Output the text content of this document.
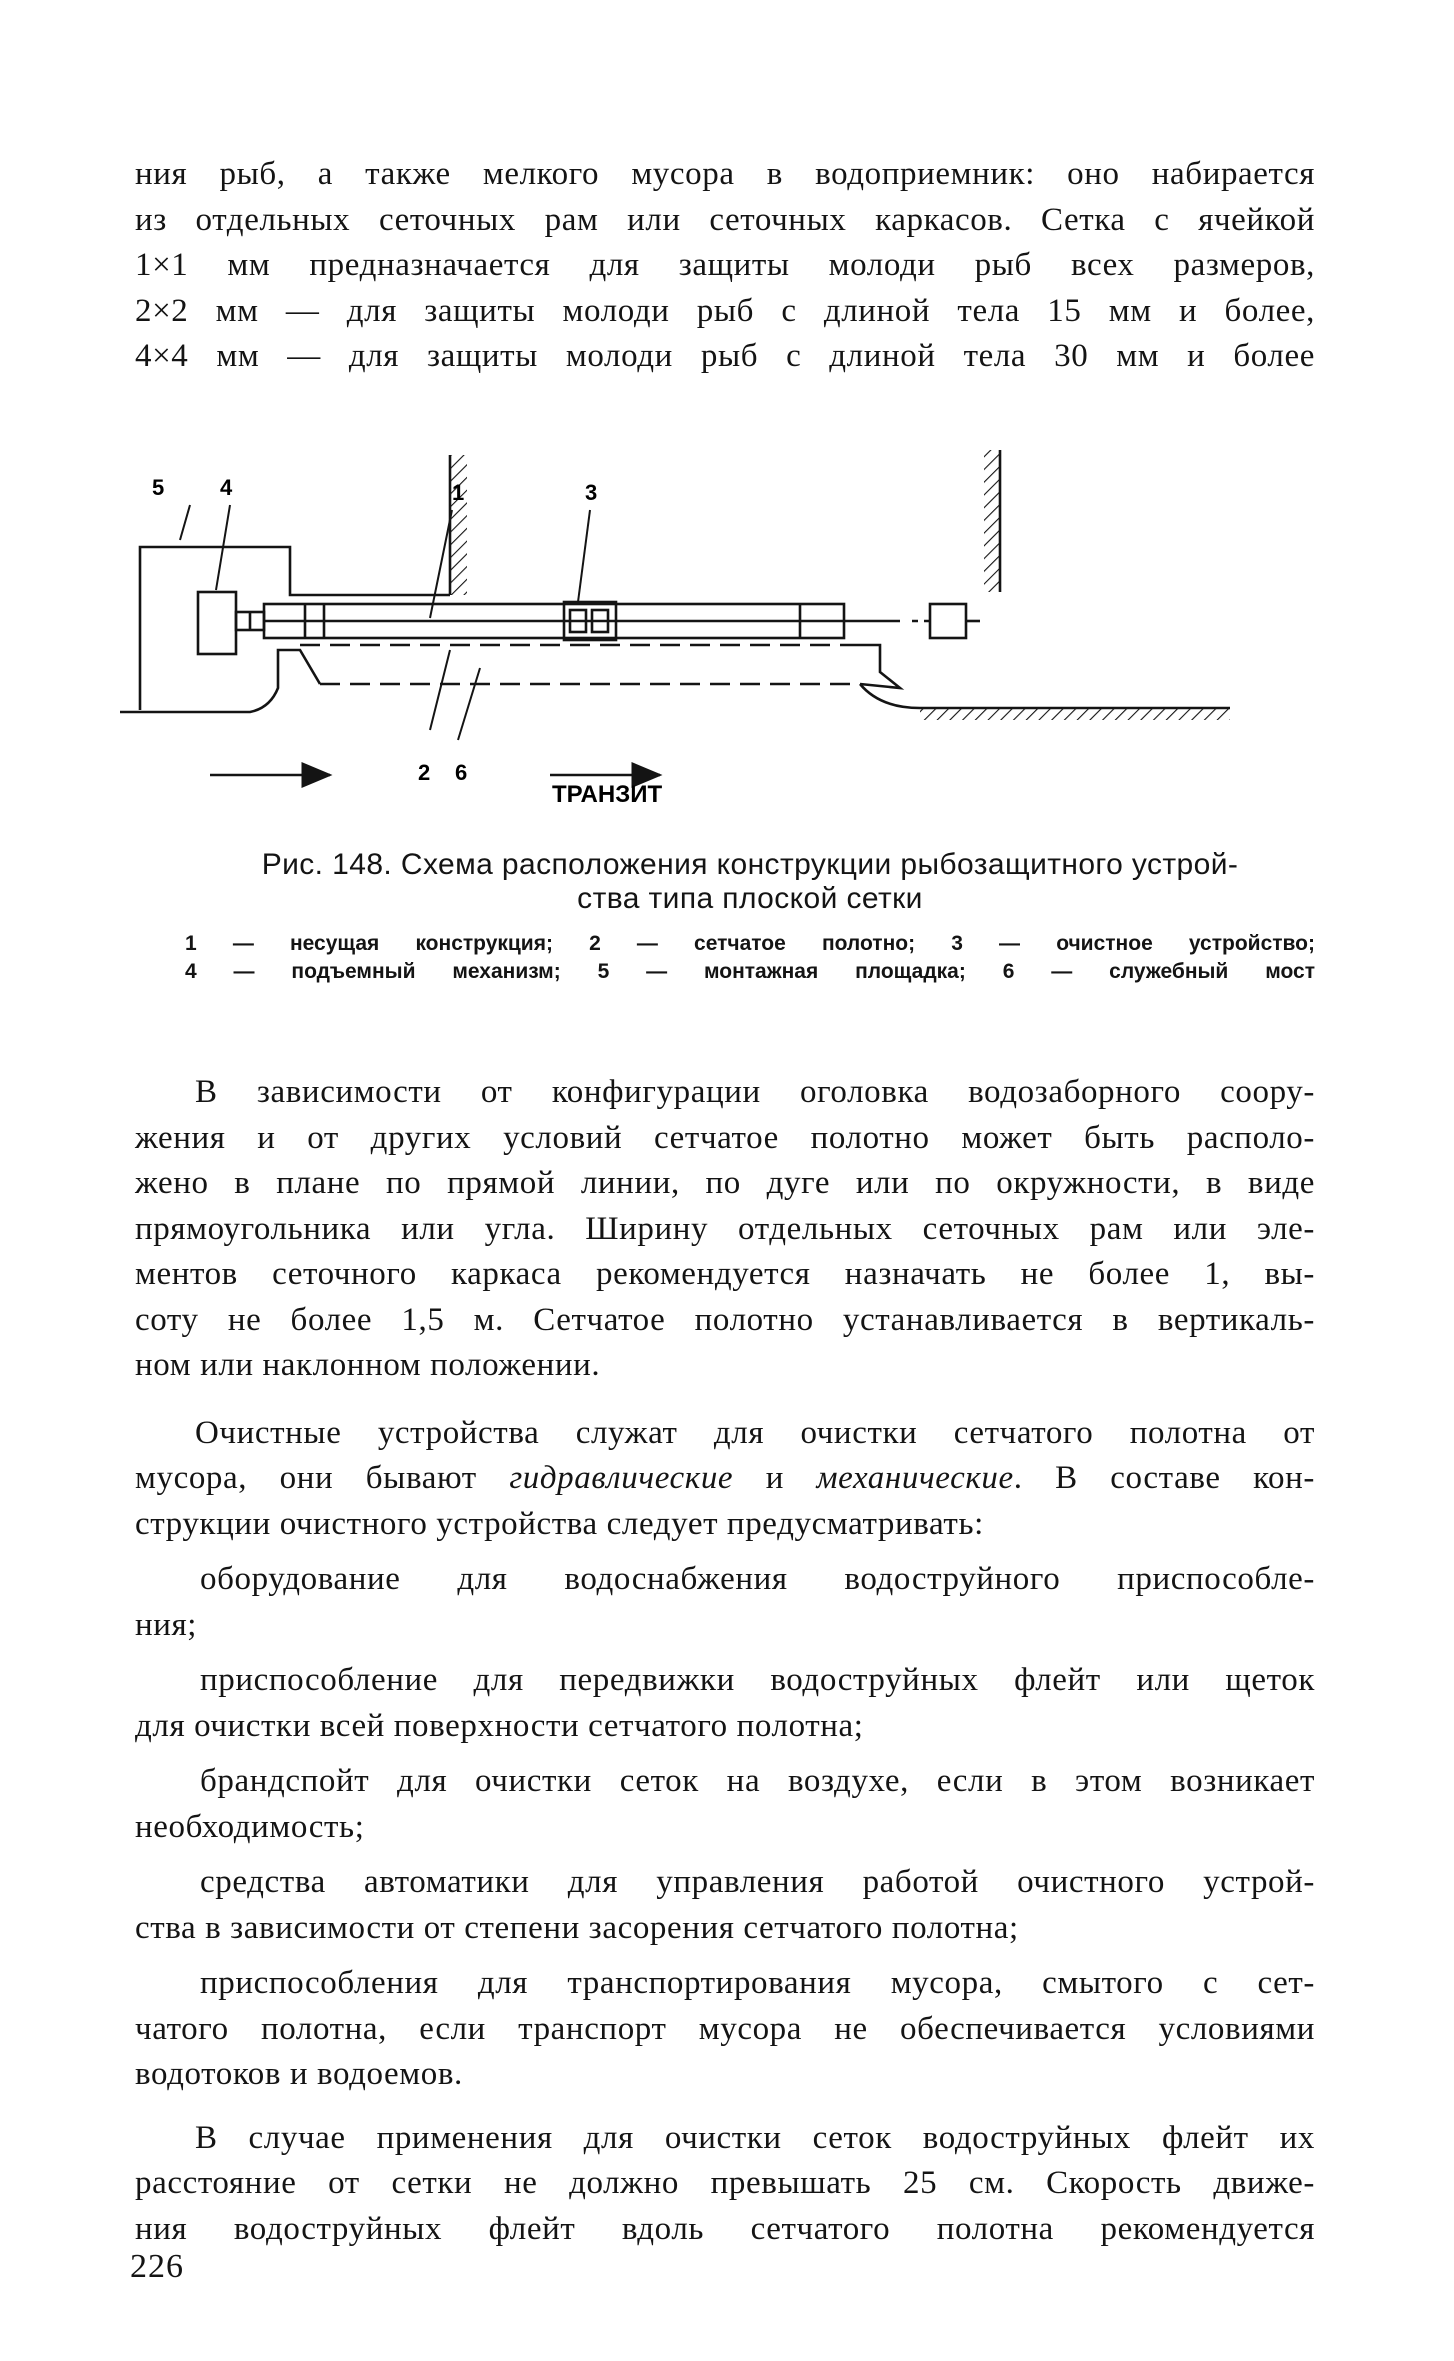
ния рыб, а также мелкого мусора в водоприемник: оно набирается
из отдельных сеточных рам или сеточных каркасов. Сетка с ячейкой
1×1 мм предназначается для защиты молоди рыб всех размеров,
2×2 мм — для защиты молоди рыб с длиной тела 15 мм и более,
4×4 мм — для защиты молоди рыб с длиной тела 30 мм и более
5	4	1	3
2 6
ТРАНЗИТ
Рис. 148. Схема расположения конструкции рыбозащитного устрой-
ства типа плоской сетки
1 — несущая конструкция; 2 — сетчатое полотно; 3 — очистное устройство;
4 — подъемный механизм; 5 — монтажная площадка; 6 — служебный мост

В зависимости от конфигурации оголовка водозаборного соору-
жения и от других условий сетчатое полотно может быть располо-
жено в плане по прямой линии, по дуге или по окружности, в виде
прямоугольника или угла. Ширину отдельных сеточных рам или эле-
ментов сеточного каркаса рекомендуется назначать не более 1, вы-
соту не более 1,5 м. Сетчатое полотно устанавливается в вертикаль-
ном или наклонном положении.

Очистные устройства служат для очистки сетчатого полотна от
мусора, они бывают гидравлические и механические. В составе кон-
струкции очистного устройства следует предусматривать:

оборудование для водоснабжения водоструйного приспособле-
ния;

приспособление для передвижки водоструйных флейт или щеток
для очистки всей поверхности сетчатого полотна;

брандспойт для очистки сеток на воздухе, если в этом возникает
необходимость;

средства автоматики для управления работой очистного устрой-
ства в зависимости от степени засорения сетчатого полотна;

приспособления для транспортирования мусора, смытого с сет-
чатого полотна, если транспорт мусора не обеспечивается условиями
водотоков и водоемов.

В случае применения для очистки сеток водоструйных флейт их
расстояние от сетки не должно превышать 25 см. Скорость движе-
ния водоструйных флейт вдоль сетчатого полотна рекомендуется

226
